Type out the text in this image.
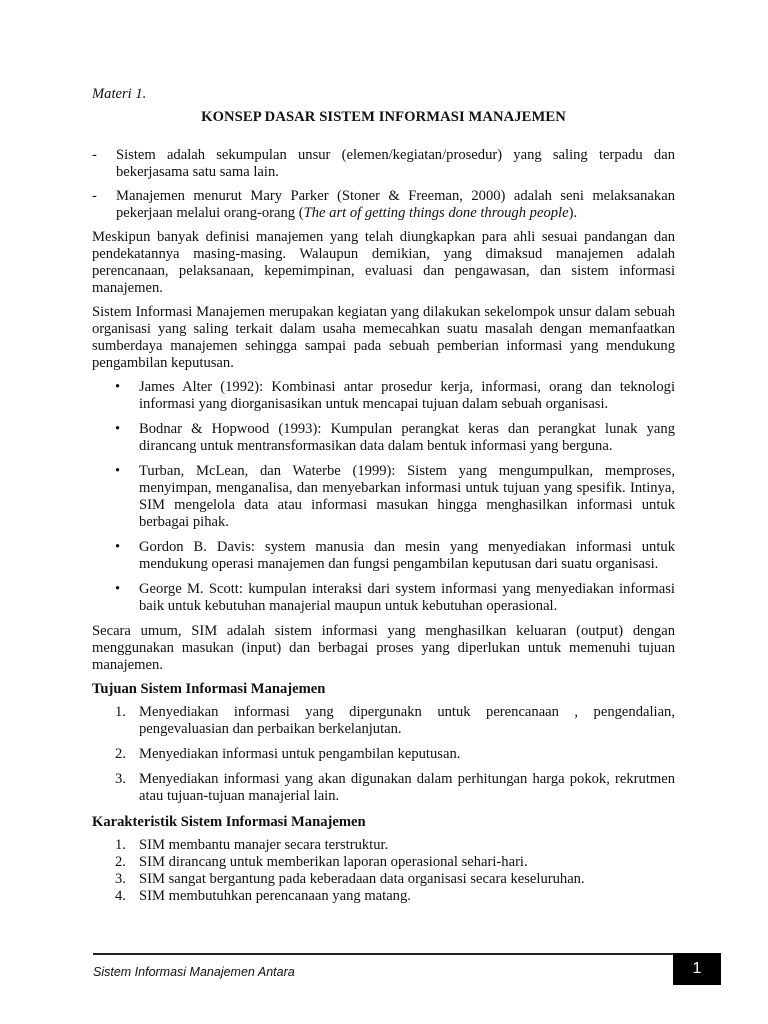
Materi 1.
KONSEP DASAR SISTEM INFORMASI MANAJEMEN
- Sistem adalah sekumpulan unsur (elemen/kegiatan/prosedur) yang saling terpadu dan bekerjasama satu sama lain.
- Manajemen menurut Mary Parker (Stoner & Freeman, 2000) adalah seni melaksanakan pekerjaan melalui orang-orang (The art of getting things done through people).

Meskipun banyak definisi manajemen yang telah diungkapkan para ahli sesuai pandangan dan pendekatannya masing-masing. Walaupun demikian, yang dimaksud manajemen adalah perencanaan, pelaksanaan, kepemimpinan, evaluasi dan pengawasan, dan sistem informasi manajemen.

Sistem Informasi Manajemen merupakan kegiatan yang dilakukan sekelompok unsur dalam sebuah organisasi yang saling terkait dalam usaha memecahkan suatu masalah dengan memanfaatkan sumberdaya manajemen sehingga sampai pada sebuah pemberian informasi yang mendukung pengambilan keputusan.

• James Alter (1992): Kombinasi antar prosedur kerja, informasi, orang dan teknologi informasi yang diorganisasikan untuk mencapai tujuan dalam sebuah organisasi.
• Bodnar & Hopwood (1993): Kumpulan perangkat keras dan perangkat lunak yang dirancang untuk mentransformasikan data dalam bentuk informasi yang berguna.
• Turban, McLean, dan Waterbe (1999): Sistem yang mengumpulkan, memproses, menyimpan, menganalisa, dan menyebarkan informasi untuk tujuan yang spesifik. Intinya, SIM mengelola data atau informasi masukan hingga menghasilkan informasi untuk berbagai pihak.
• Gordon B. Davis: system manusia dan mesin yang menyediakan informasi untuk mendukung operasi manajemen dan fungsi pengambilan keputusan dari suatu organisasi.
• George M. Scott: kumpulan interaksi dari system informasi yang menyediakan informasi baik untuk kebutuhan manajerial maupun untuk kebutuhan operasional.

Secara umum, SIM adalah sistem informasi yang menghasilkan keluaran (output) dengan menggunakan masukan (input) dan berbagai proses yang diperlukan untuk memenuhi tujuan manajemen.

Tujuan Sistem Informasi Manajemen
1. Menyediakan informasi yang dipergunakn untuk perencanaan , pengendalian, pengevaluasian dan perbaikan berkelanjutan.
2. Menyediakan informasi untuk pengambilan keputusan.
3. Menyediakan informasi yang akan digunakan dalam perhitungan harga pokok, rekrutmen atau tujuan-tujuan manajerial lain.
Karakteristik Sistem Informasi Manajemen
1. SIM membantu manajer secara terstruktur.
2. SIM dirancang untuk memberikan laporan operasional sehari-hari.
3. SIM sangat bergantung pada keberadaan data organisasi secara keseluruhan.
4. SIM membutuhkan perencanaan yang matang.
Sistem Informasi Manajemen Antara	1
